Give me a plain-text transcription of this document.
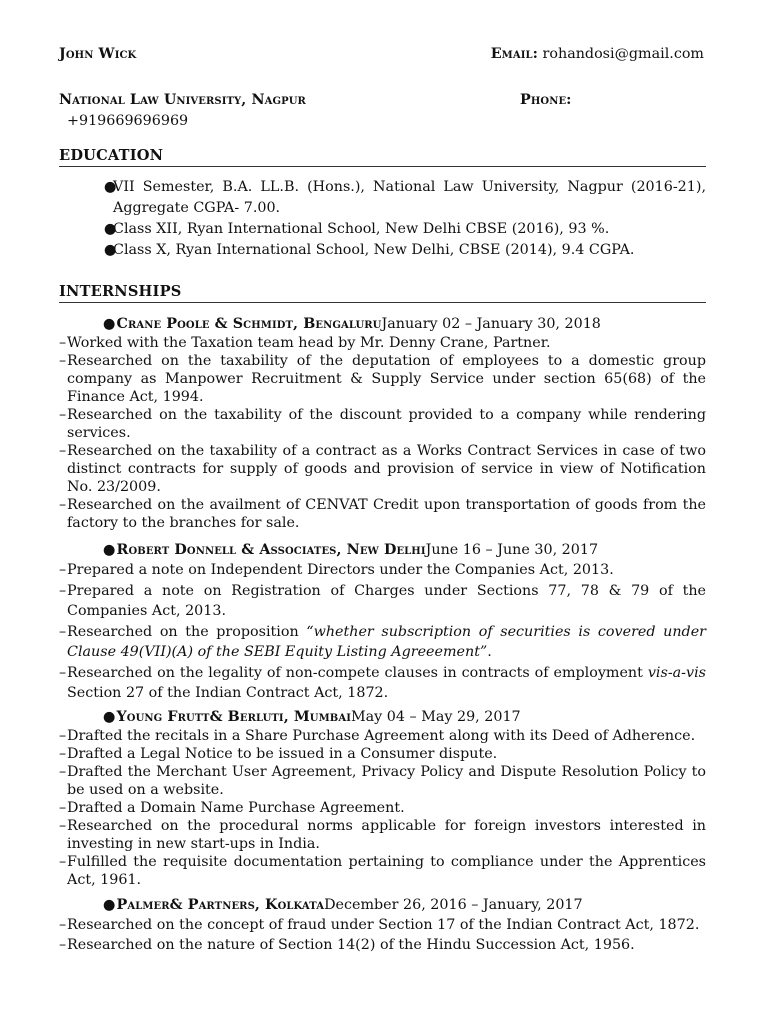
John Wick	Email: rohandosi@gmail.com
National Law University, Nagpur	Phone:
+919669696969
EDUCATION
●
VII Semester, B.A. LL.B. (Hons.), National Law University, Nagpur (2016-21), Aggregate CGPA- 7.00.
●
Class XII, Ryan International School, New Delhi CBSE (2016), 93 %.
●
Class X, Ryan International School, New Delhi, CBSE (2014), 9.4 CGPA.
INTERNSHIPS
●Crane Poole & Schmidt, BengaluruJanuary 02 – January 30, 2018
– Worked with the Taxation team head by Mr. Denny Crane, Partner.
– Researched on the taxability of the deputation of employees to a domestic group company as Manpower Recruitment & Supply Service under section 65(68) of the Finance Act, 1994.
– Researched on the taxability of the discount provided to a company while rendering services.
– Researched on the taxability of a contract as a Works Contract Services in case of two distinct contracts for supply of goods and provision of service in view of Notification No. 23/2009.
– Researched on the availment of CENVAT Credit upon transportation of goods from the factory to the branches for sale.
●Robert Donnell & Associates, New DelhiJune 16 – June 30, 2017
– Prepared a note on Independent Directors under the Companies Act, 2013.
– Prepared a note on Registration of Charges under Sections 77, 78 & 79 of the Companies Act, 2013.
– Researched on the proposition “whether subscription of securities is covered under Clause 49(VII)(A) of the SEBI Equity Listing Agreeement”.
– Researched on the legality of non-compete clauses in contracts of employment vis-a-vis Section 27 of the Indian Contract Act, 1872.
●Young Frutt& Berluti, MumbaiMay 04 – May 29, 2017
– Drafted the recitals in a Share Purchase Agreement along with its Deed of Adherence.
– Drafted a Legal Notice to be issued in a Consumer dispute.
– Drafted the Merchant User Agreement, Privacy Policy and Dispute Resolution Policy to be used on a website.
– Drafted a Domain Name Purchase Agreement.
– Researched on the procedural norms applicable for foreign investors interested in investing in new start-ups in India.
– Fulfilled the requisite documentation pertaining to compliance under the Apprentices Act, 1961.
●Palmer& Partners, KolkataDecember 26, 2016 – January, 2017
– Researched on the concept of fraud under Section 17 of the Indian Contract Act, 1872.
– Researched on the nature of Section 14(2) of the Hindu Succession Act, 1956.
